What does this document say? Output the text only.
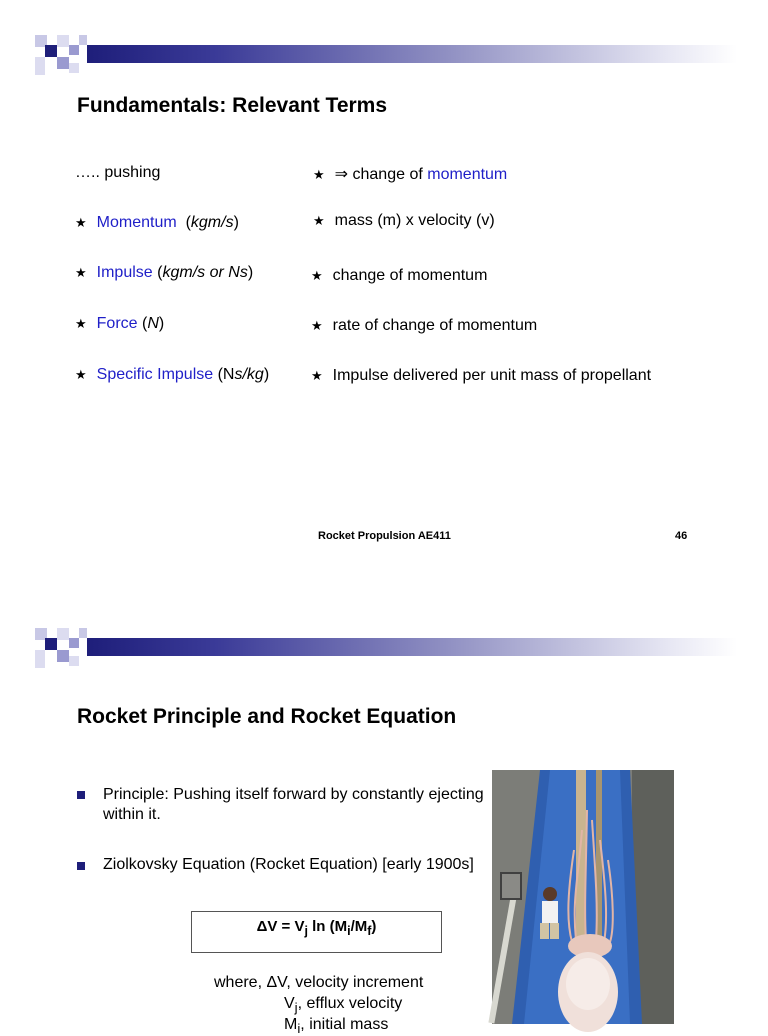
Fundamentals: Relevant Terms
….. pushing	★ ⇒ change of momentum
★ Momentum  (kgm/s)	★ mass (m) x velocity (v)
★ Impulse (kgm/s or Ns)	★ change of momentum
★ Force (N)	★ rate of change of momentum
★ Specific Impulse (Ns/kg)	★ Impulse delivered per unit mass of propellant
Rocket Propulsion AE411	46
Rocket Principle and Rocket Equation
Principle: Pushing itself forward by constantly ejecting
within it.
Ziolkovsky Equation (Rocket Equation) [early 1900s]
$\Delta V = V_j$ $\ln (M_i/M_f)$
where, ΔV, velocity increment
$V_j$, efflux velocity
$M_i$, initial mass
